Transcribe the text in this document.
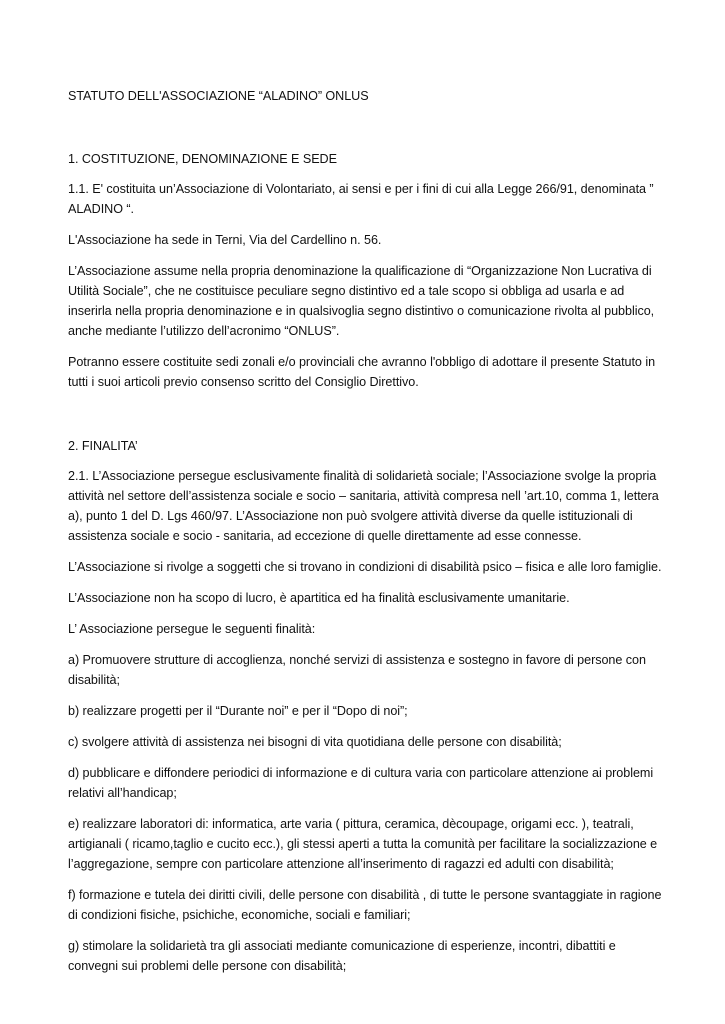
STATUTO DELL'ASSOCIAZIONE “ALADINO” ONLUS
1. COSTITUZIONE, DENOMINAZIONE E SEDE

1.1. E' costituita un’Associazione di Volontariato, ai sensi e per i fini di cui alla Legge 266/91, denominata ” ALADINO “.

L'Associazione ha sede in Terni, Via del Cardellino n. 56.

L’Associazione assume nella propria denominazione la qualificazione di “Organizzazione Non Lucrativa di Utilità Sociale”, che ne costituisce peculiare segno distintivo ed a tale scopo si obbliga ad usarla e ad inserirla nella propria denominazione e in qualsivoglia segno distintivo o comunicazione rivolta al pubblico, anche mediante l’utilizzo dell’acronimo “ONLUS”.

Potranno essere costituite sedi zonali e/o provinciali che avranno l'obbligo di adottare il presente Statuto in tutti i suoi articoli previo consenso scritto del Consiglio Direttivo.

2. FINALITA’

2.1. L’Associazione persegue esclusivamente finalità di solidarietà sociale; l’Associazione svolge la propria attività nel settore dell’assistenza sociale e socio – sanitaria, attività compresa nell ’art.10, comma 1, lettera a), punto 1 del D. Lgs 460/97. L’Associazione non può svolgere attività diverse da quelle istituzionali di assistenza sociale e socio - sanitaria, ad eccezione di quelle direttamente ad esse connesse.

L’Associazione si rivolge a soggetti che si trovano in condizioni di disabilità psico – fisica e alle loro famiglie.

L’Associazione non ha scopo di lucro, è apartitica ed ha finalità esclusivamente umanitarie.

L’ Associazione persegue le seguenti finalità:

a) Promuovere strutture di accoglienza, nonché servizi di assistenza e sostegno in favore di persone con disabilità;

b) realizzare progetti per il “Durante noi” e per il “Dopo di noi”;

c) svolgere attività di assistenza nei bisogni di vita quotidiana delle persone con disabilità;

d) pubblicare e diffondere periodici di informazione e di cultura varia con particolare attenzione ai problemi relativi all’handicap;

e) realizzare laboratori di: informatica, arte varia ( pittura, ceramica, dècoupage, origami ecc. ), teatrali, artigianali ( ricamo,taglio e cucito ecc.), gli stessi aperti a tutta la comunità per facilitare la socializzazione e l’aggregazione, sempre con particolare attenzione all’inserimento di ragazzi ed adulti con disabilità;

f) formazione e tutela dei diritti civili, delle persone con disabilità , di tutte le persone svantaggiate in ragione di condizioni fisiche, psichiche, economiche, sociali e familiari;

g) stimolare la solidarietà tra gli associati mediante comunicazione di esperienze, incontri, dibattiti e convegni sui problemi delle persone con disabilità;
